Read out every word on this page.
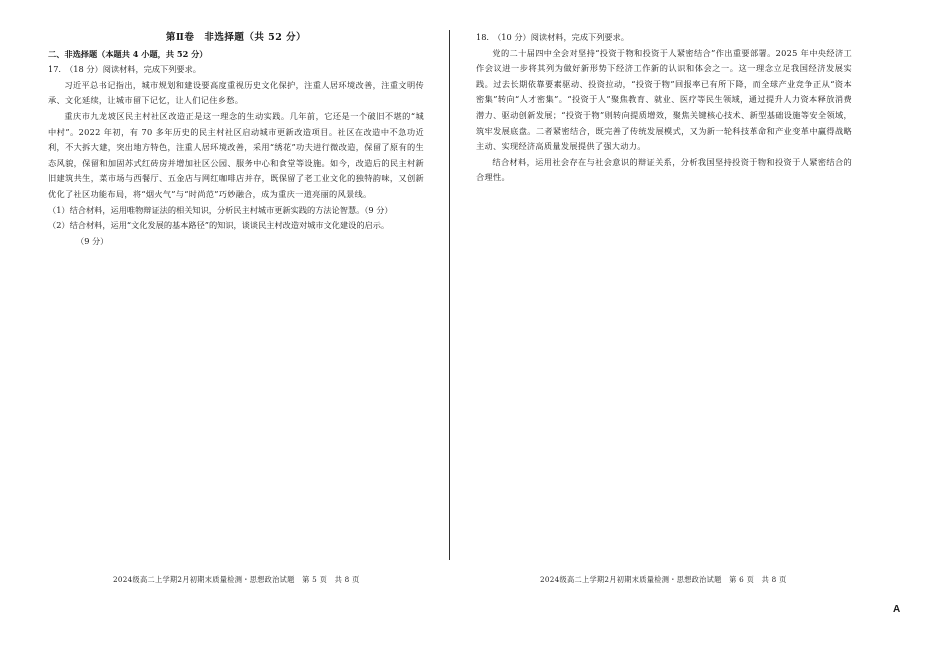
第Ⅱ卷　非选择题（共 52 分）

二、非选择题（本题共 4 小题，共 52 分）

17.　（18 分）阅读材料，完成下列要求。

习近平总书记指出，城市规划和建设要高度重视历史文化保护，注重人居环境改善，注重文明传承、文化延续，让城市留下记忆，让人们记住乡愁。

重庆市九龙坡区民主村社区改造正是这一理念的生动实践。几年前，它还是一个破旧不堪的“城中村”。2022 年初，有 70 多年历史的民主村社区启动城市更新改造项目。社区在改造中不急功近利，不大拆大建，突出地方特色，注重人居环境改善，采用“绣花”功夫进行微改造，保留了原有的生态风貌，保留和加固苏式红砖房并增加社区公园、服务中心和食堂等设施。如今，改造后的民主村新旧建筑共生，菜市场与西餐厅、五金店与网红咖啡店并存，既保留了老工业文化的独特韵味，又创新优化了社区功能布局，将“烟火气”与“时尚范”巧妙融合，成为重庆一道亮丽的风景线。

（1）结合材料，运用唯物辩证法的相关知识，分析民主村城市更新实践的方法论智慧。（9 分）

（2）结合材料，运用“文化发展的基本路径”的知识，谈谈民主村改造对城市文化建设的启示。

（9 分）

18.　（10 分）阅读材料，完成下列要求。

党的二十届四中全会对坚持“投资于物和投资于人紧密结合”作出重要部署。2025 年中央经济工作会议进一步将其列为做好新形势下经济工作新的认识和体会之一。这一理念立足我国经济发展实践。过去长期依靠要素驱动、投资拉动，“投资于物”回报率已有所下降，而全球产业竞争正从“资本密集”转向“人才密集”。“投资于人”聚焦教育、就业、医疗等民生领域，通过提升人力资本释放消费潜力、驱动创新发展；“投资于物”则转向提质增效，聚焦关键核心技术、新型基础设施等安全领域，筑牢发展底盘。二者紧密结合，既完善了传统发展模式，又为新一轮科技革命和产业变革中赢得战略主动、实现经济高质量发展提供了强大动力。

结合材料，运用社会存在与社会意识的辩证关系，分析我国坚持投资于物和投资于人紧密结合的合理性。

2024级高二上学期2月初期末质量检测・思想政治试题　第 5 页　共 8 页	2024级高二上学期2月初期末质量检测・思想政治试题　第 6 页　共 8 页
A
